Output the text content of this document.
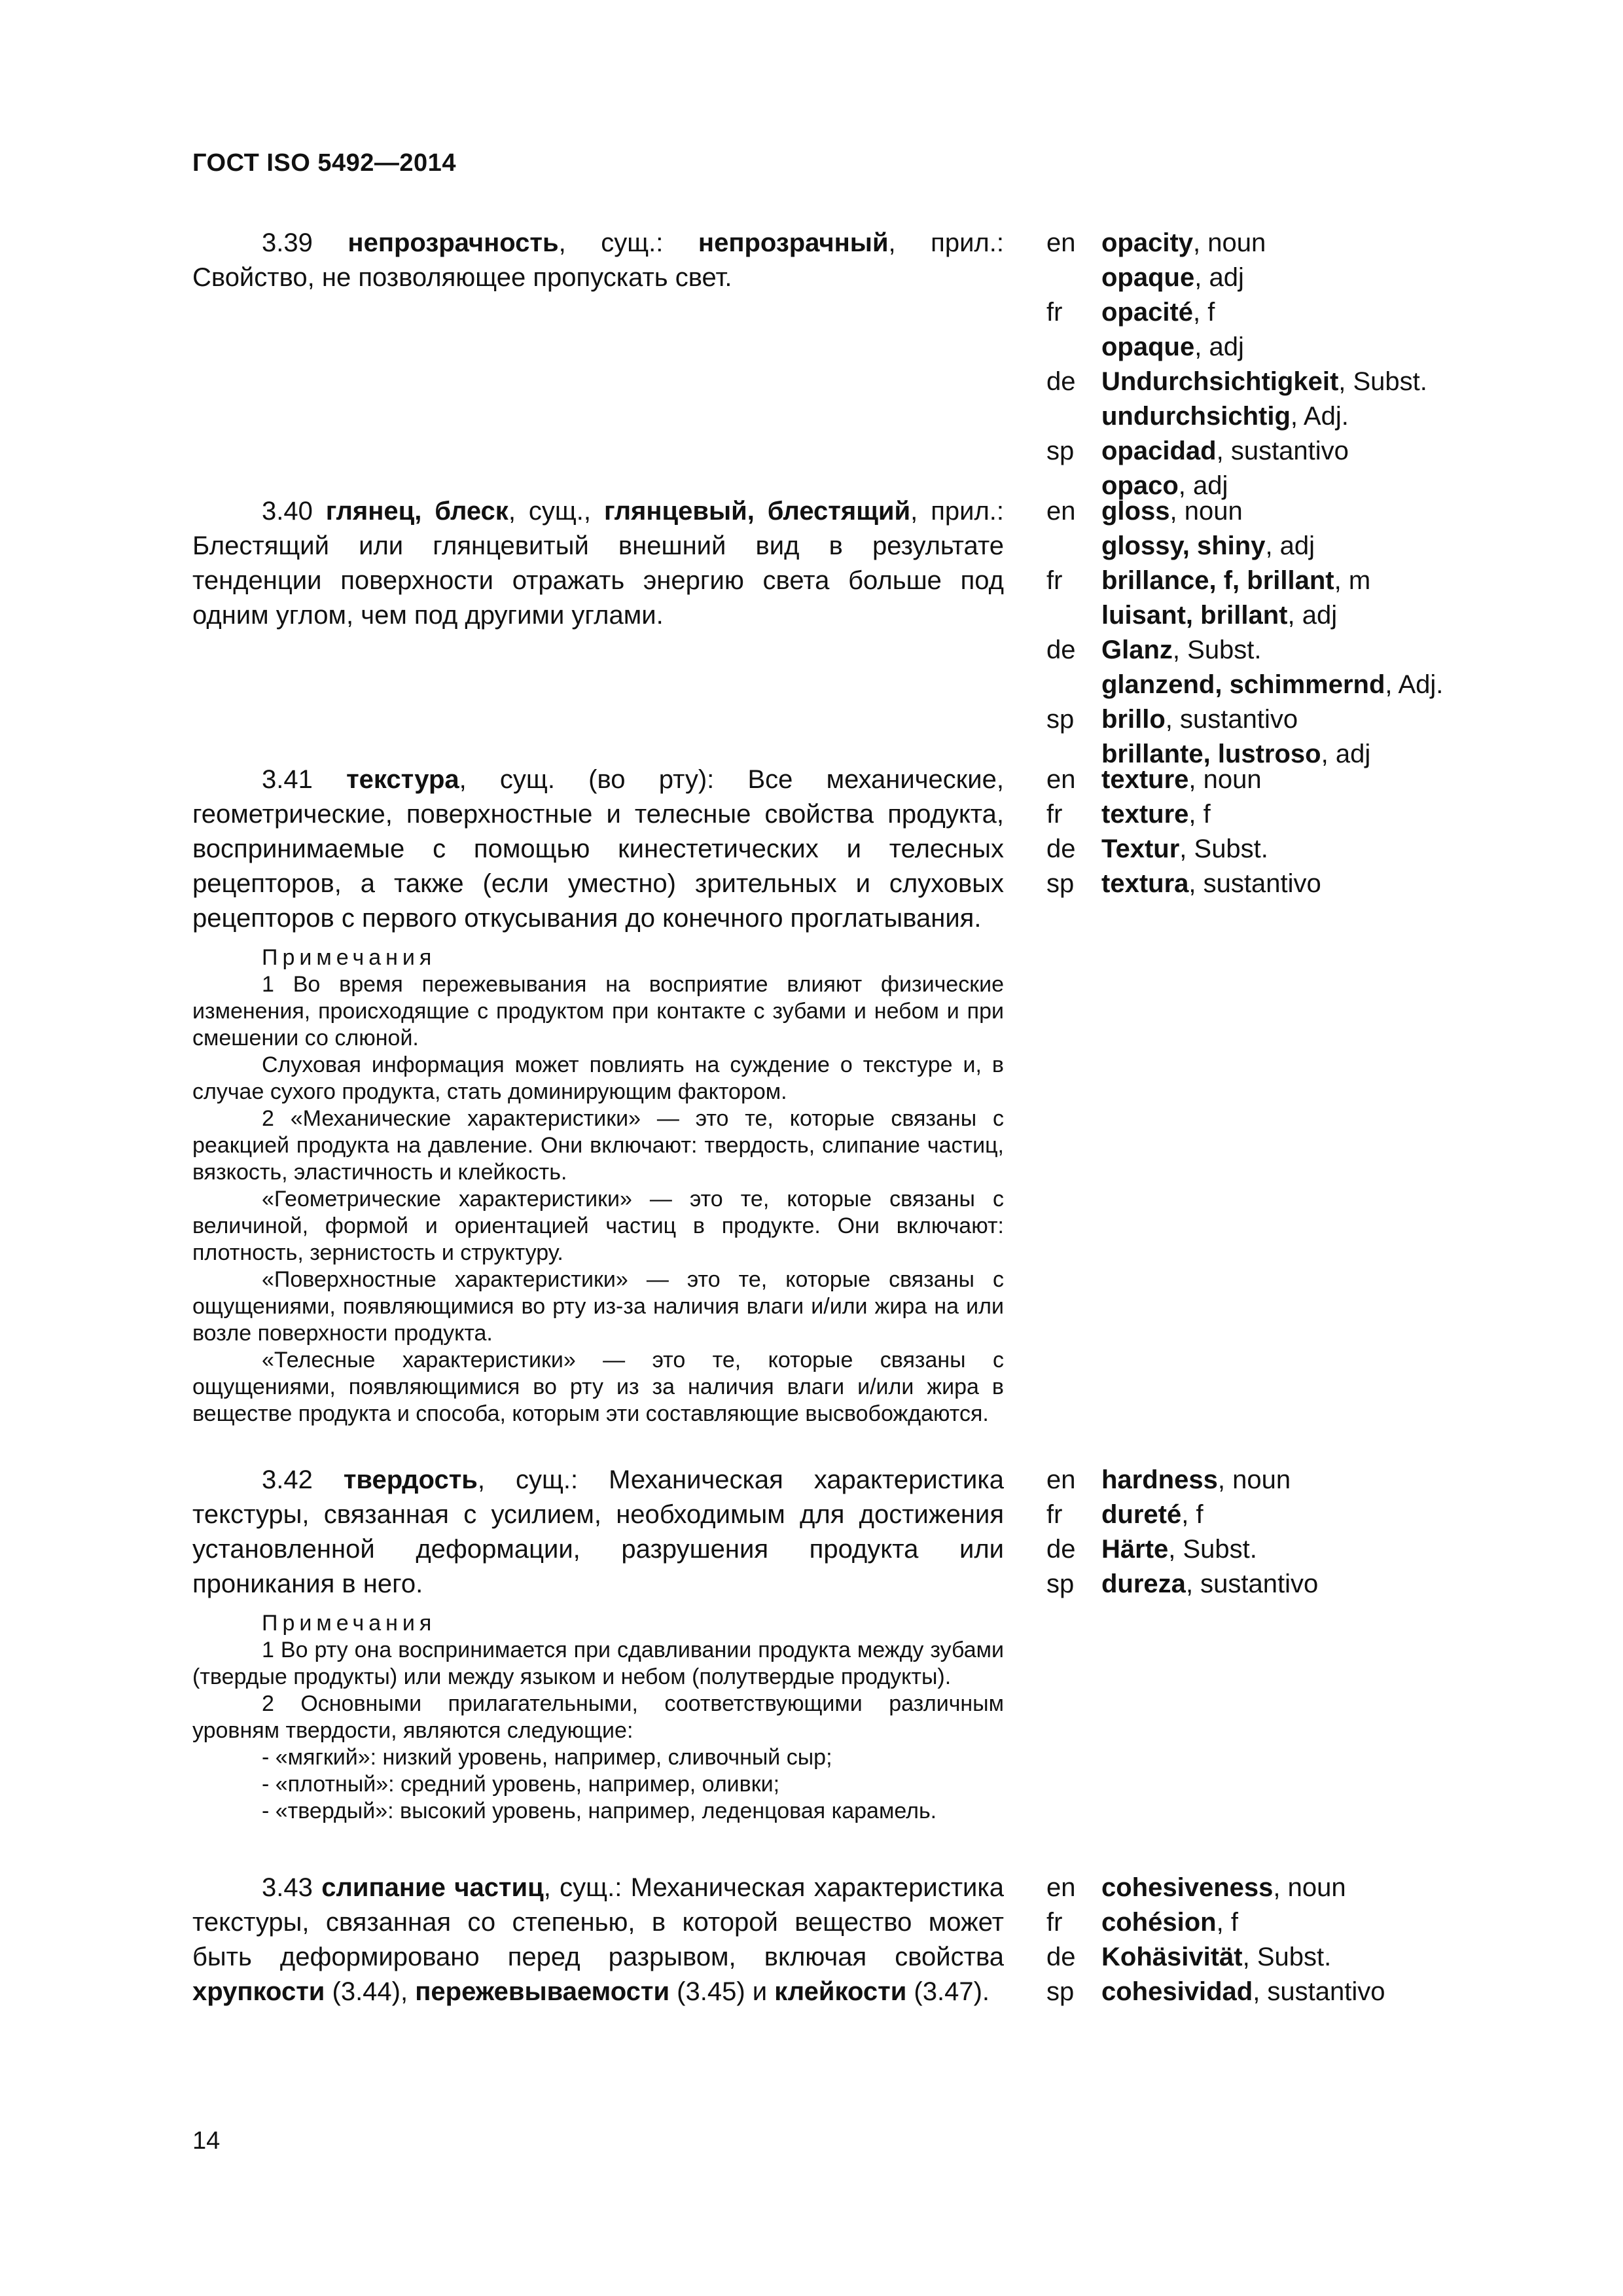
ГОСТ ISO 5492—2014

3.39 непрозрачность, сущ.: непрозрачный, прил.: Свойство, не позволяющее пропускать свет.

en opacity, noun
opaque, adj
fr	opacité, f
opaque, adj
de Undurchsichtigkeit, Subst.
undurchsichtig, Adj.
sp	opacidad, sustantivo
opaco, adj

3.40 глянец, блеск, сущ., глянцевый, блестящий, прил.: Блестящий или глянцевитый внешний вид в результате тенденции поверхности отражать энергию света больше под одним углом, чем под другими углами.

en gloss, noun
glossy, shiny, adj
fr	brillance, f, brillant, m
luisant, brillant, adj
de Glanz, Subst.
glanzend, schimmernd, Adj.
sp	brillo, sustantivo
brillante, lustroso, adj

3.41 текстура, сущ. (во рту): Все механические, геометрические, поверхностные и телесные свойства продукта, воспринимаемые с помощью кинестетических и телесных рецепторов, а также (если уместно) зрительных и слуховых рецепторов с первого откусывания до конечного проглатывания.

en texture, noun
fr	texture, f
de Textur, Subst.
sp	textura, sustantivo
Примечания

1 Во время пережевывания на восприятие влияют физические изменения, происходящие с продуктом при контакте с зубами и небом и при смешении со слюной.

Слуховая информация может повлиять на суждение о текстуре и, в случае сухого продукта, стать доминирующим фактором.

2 «Механические характеристики» — это те, которые связаны с реакцией продукта на давление. Они включают: твердость, слипание частиц, вязкость, эластичность и клейкость.

«Геометрические характеристики» — это те, которые связаны с величиной, формой и ориентацией частиц в продукте. Они включают: плотность, зернистость и структуру.

«Поверхностные характеристики» — это те, которые связаны с ощущениями, появляющимися во рту из-за наличия влаги и/или жира на или возле поверхности продукта.

«Телесные характеристики» — это те, которые связаны с ощущениями, появляющимися во рту из за наличия влаги и/или жира в веществе продукта и способа, которым эти составляющие высвобождаются.

3.42 твердость, сущ.: Механическая характеристика текстуры, связанная с усилием, необходимым для достижения установленной деформации, разрушения продукта или проникания в него.

en hardness, noun
fr	dureté, f
de Härte, Subst.
sp	dureza, sustantivo
Примечания

1 Во рту она воспринимается при сдавливании продукта между зубами (твердые продукты) или между языком и небом (полутвердые продукты).

2 Основными прилагательными, соответствующими различным уровням твердости, являются следующие:

- «мягкий»: низкий уровень, например, сливочный сыр;
- «плотный»: средний уровень, например, оливки;
- «твердый»: высокий уровень, например, леденцовая карамель.

3.43 слипание частиц, сущ.: Механическая характеристика текстуры, связанная со степенью, в которой вещество может быть деформировано перед разрывом, включая свойства хрупкости (3.44), пережевываемости (3.45) и клейкости (3.47).

en cohesiveness, noun
fr	cohésion, f
de Kohäsivität, Subst.
sp	cohesividad, sustantivo
14
